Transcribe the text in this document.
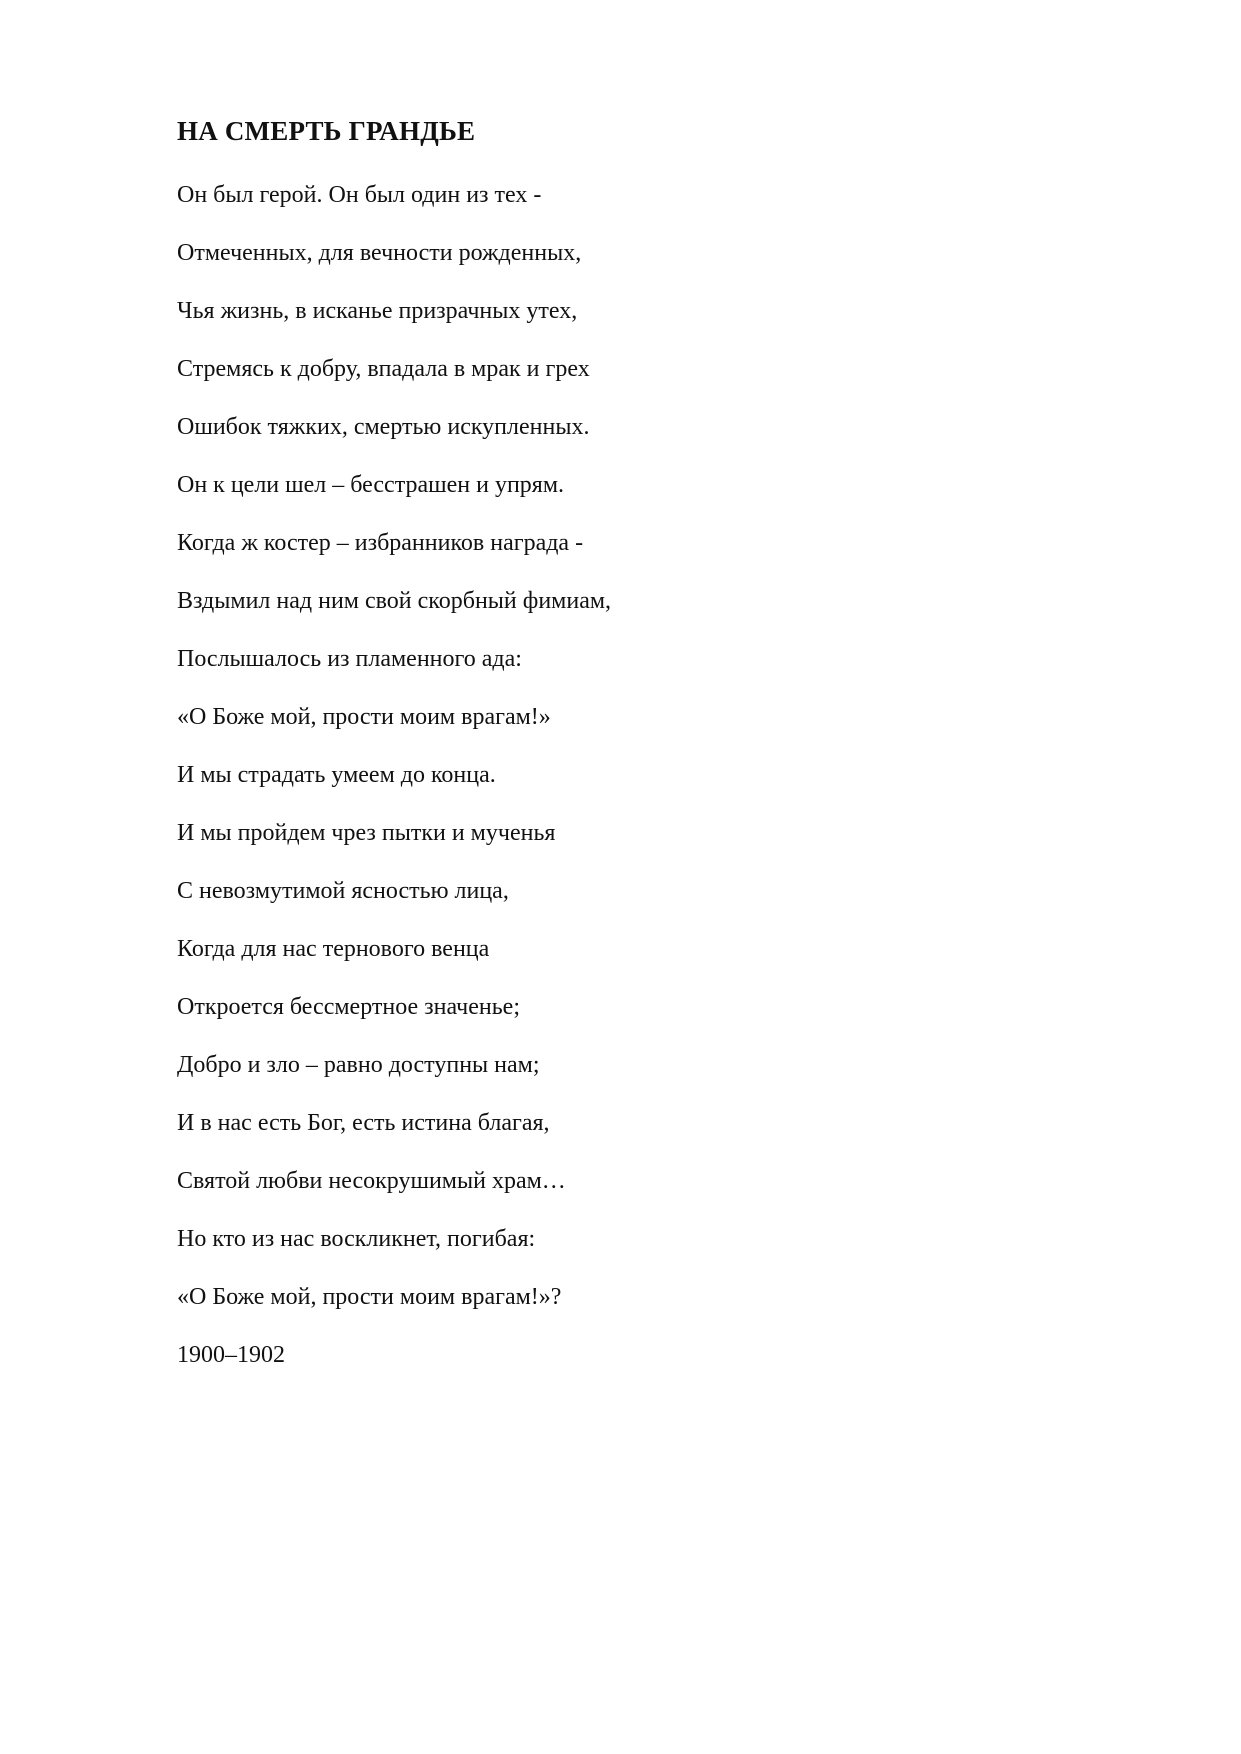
НА СМЕРТЬ ГРАНДЬЕ
Он был герой. Он был один из тех -
Отмеченных, для вечности рожденных,
Чья жизнь, в исканье призрачных утех,
Стремясь к добру, впадала в мрак и грех
Ошибок тяжких, смертью искупленных.
Он к цели шел – бесстрашен и упрям.
Когда ж костер – избранников награда -
Вздымил над ним свой скорбный фимиам,
Послышалось из пламенного ада:
«О Боже мой, прости моим врагам!»
И мы страдать умеем до конца.
И мы пройдем чрез пытки и мученья
С невозмутимой ясностью лица,
Когда для нас тернового венца
Откроется бессмертное значенье;
Добро и зло – равно доступны нам;
И в нас есть Бог, есть истина благая,
Святой любви несокрушимый храм…
Но кто из нас воскликнет, погибая:
«О Боже мой, прости моим врагам!»?
1900–1902
